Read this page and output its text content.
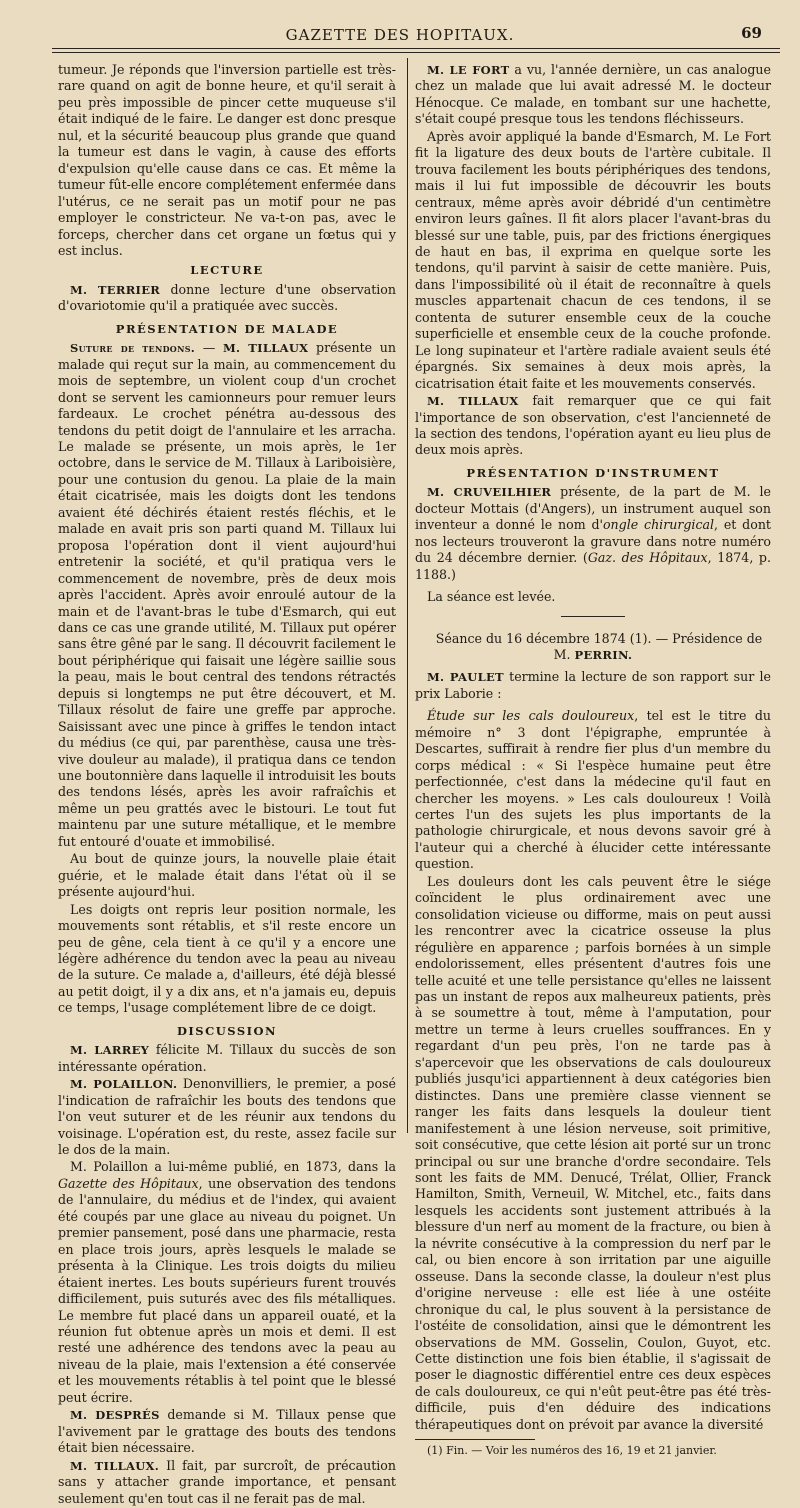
GAZETTE DES HOPITAUX.	69

tumeur. Je réponds que l'inversion partielle est très-rare quand on agit de bonne heure, et qu'il serait à peu près impossible de pincer cette muqueuse s'il était indiqué de le faire. Le danger est donc presque nul, et la sécurité beaucoup plus grande que quand la tumeur est dans le vagin, à cause des efforts d'expulsion qu'elle cause dans ce cas. Et même la tumeur fût-elle encore complétement enfermée dans l'utérus, ce ne serait pas un motif pour ne pas employer le constricteur. Ne va-t-on pas, avec le forceps, chercher dans cet organe un fœtus qui y est inclus.

LECTURE

M. TERRIER donne lecture d'une observation d'ovariotomie qu'il a pratiquée avec succès.

PRÉSENTATION DE MALADE

Suture de tendons. — M. TILLAUX présente un malade qui reçut sur la main, au commencement du mois de septembre, un violent coup d'un crochet dont se servent les camionneurs pour remuer leurs fardeaux. Le crochet pénétra au-dessous des tendons du petit doigt de l'annulaire et les arracha. Le malade se présente, un mois après, le 1er octobre, dans le service de M. Tillaux à Lariboisière, pour une contusion du genou. La plaie de la main était cicatrisée, mais les doigts dont les tendons avaient été déchirés étaient restés fléchis, et le malade en avait pris son parti quand M. Tillaux lui proposa l'opération dont il vient aujourd'hui entretenir la société, et qu'il pratiqua vers le commencement de novembre, près de deux mois après l'accident. Après avoir enroulé autour de la main et de l'avant-bras le tube d'Esmarch, qui eut dans ce cas une grande utilité, M. Tillaux put opérer sans être gêné par le sang. Il découvrit facilement le bout périphérique qui faisait une légère saillie sous la peau, mais le bout central des tendons rétractés depuis si longtemps ne put être découvert, et M. Tillaux résolut de faire une greffe par approche. Saisissant avec une pince à griffes le tendon intact du médius (ce qui, par parenthèse, causa une très-vive douleur au malade), il pratiqua dans ce tendon une boutonnière dans laquelle il introduisit les bouts des tendons lésés, après les avoir rafraîchis et même un peu grattés avec le bistouri. Le tout fut maintenu par une suture métallique, et le membre fut entouré d'ouate et immobilisé.

Au bout de quinze jours, la nouvelle plaie était guérie, et le malade était dans l'état où il se présente aujourd'hui.

Les doigts ont repris leur position normale, les mouvements sont rétablis, et s'il reste encore un peu de gêne, cela tient à ce qu'il y a encore une légère adhérence du tendon avec la peau au niveau de la suture. Ce malade a, d'ailleurs, été déjà blessé au petit doigt, il y a dix ans, et n'a jamais eu, depuis ce temps, l'usage complétement libre de ce doigt.

DISCUSSION

M. LARREY félicite M. Tillaux du succès de son intéressante opération.

M. POLAILLON. Denonvilliers, le premier, a posé l'indication de rafraîchir les bouts des tendons que l'on veut suturer et de les réunir aux tendons du voisinage. L'opération est, du reste, assez facile sur le dos de la main.

M. Polaillon a lui-même publié, en 1873, dans la Gazette des Hôpitaux, une observation des tendons de l'annulaire, du médius et de l'index, qui avaient été coupés par une glace au niveau du poignet. Un premier pansement, posé dans une pharmacie, resta en place trois jours, après lesquels le malade se présenta à la Clinique. Les trois doigts du milieu étaient inertes. Les bouts supérieurs furent trouvés difficilement, puis suturés avec des fils métalliques. Le membre fut placé dans un appareil ouaté, et la réunion fut obtenue après un mois et demi. Il est resté une adhérence des tendons avec la peau au niveau de la plaie, mais l'extension a été conservée et les mouvements rétablis à tel point que le blessé peut écrire.

M. DESPRÉS demande si M. Tillaux pense que l'avivement par le grattage des bouts des tendons était bien nécessaire.

M. TILLAUX. Il fait, par surcroît, de précaution sans y attacher grande importance, et pensant seulement qu'en tout cas il ne ferait pas de mal.

M. LE FORT a vu, l'année dernière, un cas analogue chez un malade que lui avait adressé M. le docteur Hénocque. Ce malade, en tombant sur une hachette, s'était coupé presque tous les tendons fléchisseurs.

Après avoir appliqué la bande d'Esmarch, M. Le Fort fit la ligature des deux bouts de l'artère cubitale. Il trouva facilement les bouts périphériques des tendons, mais il lui fut impossible de découvrir les bouts centraux, même après avoir débridé d'un centimètre environ leurs gaînes. Il fit alors placer l'avant-bras du blessé sur une table, puis, par des frictions énergiques de haut en bas, il exprima en quelque sorte les tendons, qu'il parvint à saisir de cette manière. Puis, dans l'impossibilité où il était de reconnaître à quels muscles appartenait chacun de ces tendons, il se contenta de suturer ensemble ceux de la couche superficielle et ensemble ceux de la couche profonde. Le long supinateur et l'artère radiale avaient seuls été épargnés. Six semaines à deux mois après, la cicatrisation était faite et les mouvements conservés.

M. TILLAUX fait remarquer que ce qui fait l'importance de son observation, c'est l'ancienneté de la section des tendons, l'opération ayant eu lieu plus de deux mois après.

PRÉSENTATION D'INSTRUMENT

M. CRUVEILHIER présente, de la part de M. le docteur Mottais (d'Angers), un instrument auquel son inventeur a donné le nom d'ongle chirurgical, et dont nos lecteurs trouveront la gravure dans notre numéro du 24 décembre dernier. (Gaz. des Hôpitaux, 1874, p. 1188.)

La séance est levée.

Séance du 16 décembre 1874 (1). — Présidence de M. PERRIN.

M. PAULET termine la lecture de son rapport sur le prix Laborie :

Étude sur les cals douloureux, tel est le titre du mémoire n° 3 dont l'épigraphe, empruntée à Descartes, suffirait à rendre fier plus d'un membre du corps médical : « Si l'espèce humaine peut être perfectionnée, c'est dans la médecine qu'il faut en chercher les moyens. » Les cals douloureux ! Voilà certes l'un des sujets les plus importants de la pathologie chirurgicale, et nous devons savoir gré à l'auteur qui a cherché à élucider cette intéressante question.

Les douleurs dont les cals peuvent être le siége coïncident le plus ordinairement avec une consolidation vicieuse ou difforme, mais on peut aussi les rencontrer avec la cicatrice osseuse la plus régulière en apparence ; parfois bornées à un simple endolorissement, elles présentent d'autres fois une telle acuité et une telle persistance qu'elles ne laissent pas un instant de repos aux malheureux patients, près à se soumettre à tout, même à l'amputation, pour mettre un terme à leurs cruelles souffrances. En y regardant d'un peu près, l'on ne tarde pas à s'apercevoir que les observations de cals douloureux publiés jusqu'ici appartiennent à deux catégories bien distinctes. Dans une première classe viennent se ranger les faits dans lesquels la douleur tient manifestement à une lésion nerveuse, soit primitive, soit consécutive, que cette lésion ait porté sur un tronc principal ou sur une branche d'ordre secondaire. Tels sont les faits de MM. Denucé, Trélat, Ollier, Franck Hamilton, Smith, Verneuil, W. Mitchel, etc., faits dans lesquels les accidents sont justement attribués à la blessure d'un nerf au moment de la fracture, ou bien à la névrite consécutive à la compression du nerf par le cal, ou bien encore à son irritation par une aiguille osseuse. Dans la seconde classe, la douleur n'est plus d'origine nerveuse : elle est liée à une ostéite chronique du cal, le plus souvent à la persistance de l'ostéite de consolidation, ainsi que le démontrent les observations de MM. Gosselin, Coulon, Guyot, etc. Cette distinction une fois bien établie, il s'agissait de poser le diagnostic différentiel entre ces deux espèces de cals douloureux, ce qui n'eût peut-être pas été très-difficile, puis d'en déduire des indications thérapeutiques dont on prévoit par avance la diversité

(1) Fin. — Voir les numéros des 16, 19 et 21 janvier.
